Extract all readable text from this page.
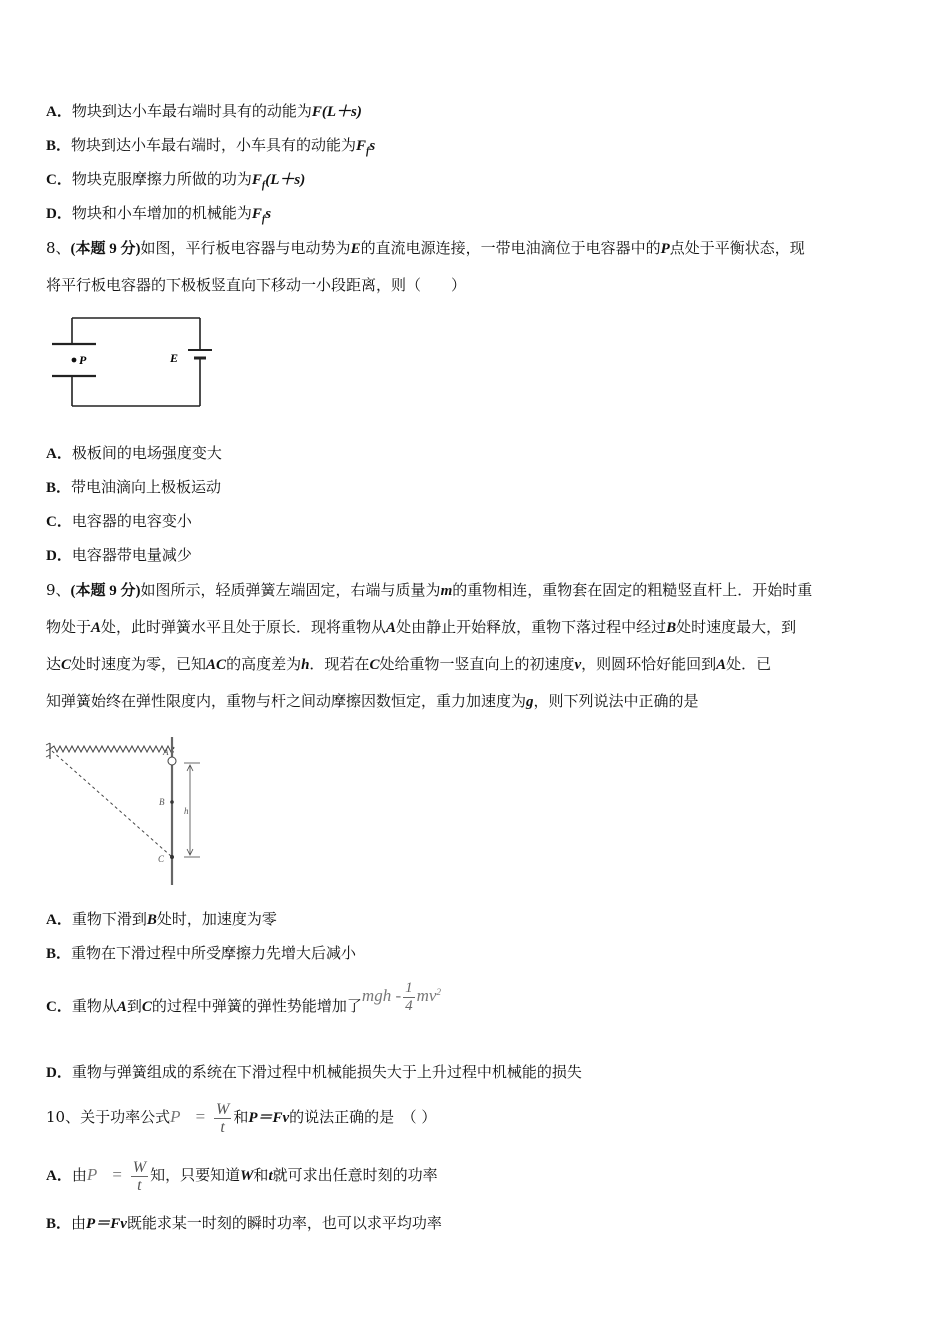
A．物块到达小车最右端时具有的动能为F(L＋s)
B．物块到达小车最右端时，小车具有的动能为$F_fs$
C．物块克服摩擦力所做的功为$F_f(L+s)$
D．物块和小车增加的机械能为$F_fs$
8、(本题 9 分)如图，平行板电容器与电动势为E的直流电源连接，一带电油滴位于电容器中的P点处于平衡状态，现
将平行板电容器的下极板竖直向下移动一小段距离，则（　　）
P	E
A．极板间的电场强度变大
B．带电油滴向上极板运动
C．电容器的电容变小
D．电容器带电量减少
9、(本题 9 分)如图所示，轻质弹簧左端固定，右端与质量为m的重物相连，重物套在固定的粗糙竖直杆上．开始时重
物处于A处，此时弹簧水平且处于原长．现将重物从A处由静止开始释放，重物下落过程中经过B处时速度最大，到
达C处时速度为零，已知AC的高度差为h．现若在C处给重物一竖直向上的初速度v，则圆环恰好能回到A处．已
知弹簧始终在弹性限度内，重物与杆之间动摩擦因数恒定，重力加速度为g，则下列说法中正确的是
A
B
C
h
A．重物下滑到B处时，加速度为零
B．重物在下滑过程中所受摩擦力先增大后减小
C．重物从A到C的过程中弹簧的弹性势能增加了mgh - $\frac{1}{4} mv^2$
D．重物与弹簧组成的系统在下滑过程中机械能损失大于上升过程中机械能的损失
10、关于功率公式$P = \frac{W}{t}$ 和P＝Fv的说法正确的是　（ ）
A．由$P = \frac{W}{t}$ 知，只要知道W和t就可求出任意时刻的功率
B．由P＝Fv既能求某一时刻的瞬时功率，也可以求平均功率
